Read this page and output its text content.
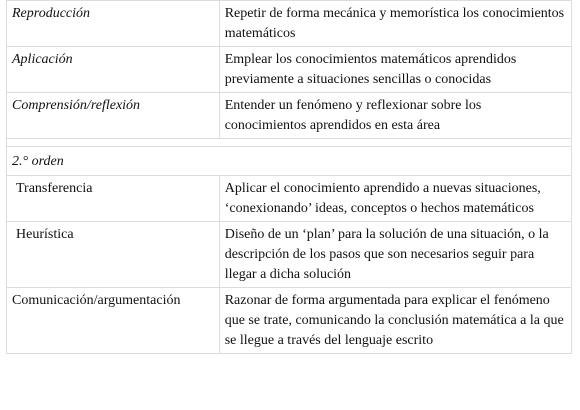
Reproducción	Repetir de forma mecánica y memorística los conocimientos matemáticos
Aplicación	Emplear los conocimientos matemáticos aprendidos previamente a situaciones sencillas o conocidas
Comprensión/reflexión	Entender un fenómeno y reflexionar sobre los conocimientos aprendidos en esta área

2.° orden	
Transferencia	Aplicar el conocimiento aprendido a nuevas situaciones, ‘conexionando’ ideas, conceptos o hechos matemáticos
Heurística	Diseño de un ‘plan’ para la solución de una situación, o la descripción de los pasos que son necesarios seguir para llegar a dicha solución
Comunicación/argumentación	Razonar de forma argumentada para explicar el fenómeno que se trate, comunicando la conclusión matemática a la que se llegue a través del lenguaje escrito
